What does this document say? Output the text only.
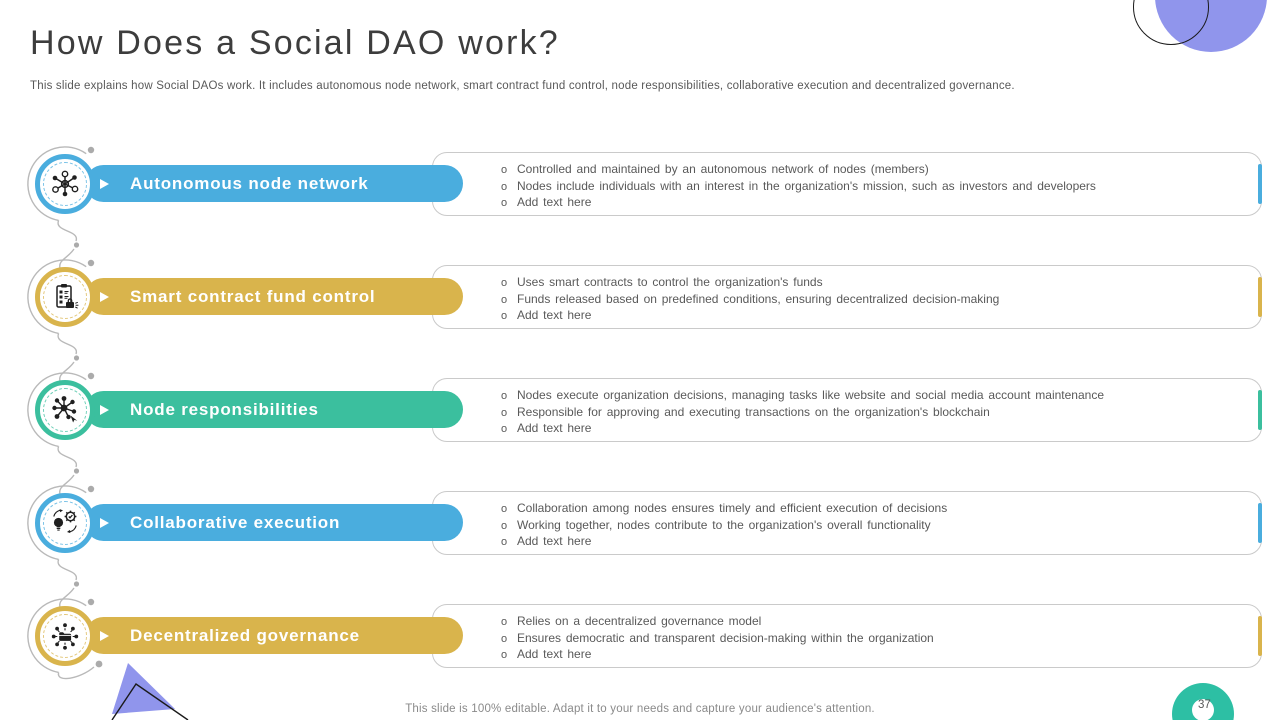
How Does a Social DAO work?
This slide explains how Social DAOs work. It includes autonomous node network, smart contract fund control, node responsibilities, collaborative execution and decentralized governance.
Autonomous node network
o Controlled and maintained by an autonomous network of nodes (members)
o Nodes include individuals with an interest in the organization's mission, such as investors and developers
o Add text here
Smart contract fund control
o Uses smart contracts to control the organization's funds
o Funds released based on predefined conditions, ensuring decentralized decision-making
o Add text here
Node responsibilities
o Nodes execute organization decisions, managing tasks like website and social media account maintenance
o Responsible for approving and executing transactions on the organization's blockchain
o Add text here
Collaborative execution
o Collaboration among nodes ensures timely and efficient execution of decisions
o Working together, nodes contribute to the organization's overall functionality
o Add text here
Decentralized governance
o Relies on a decentralized governance model
o Ensures democratic and transparent decision-making within the organization
o Add text here
This slide is 100% editable. Adapt it to your needs and capture your audience's attention.	37
